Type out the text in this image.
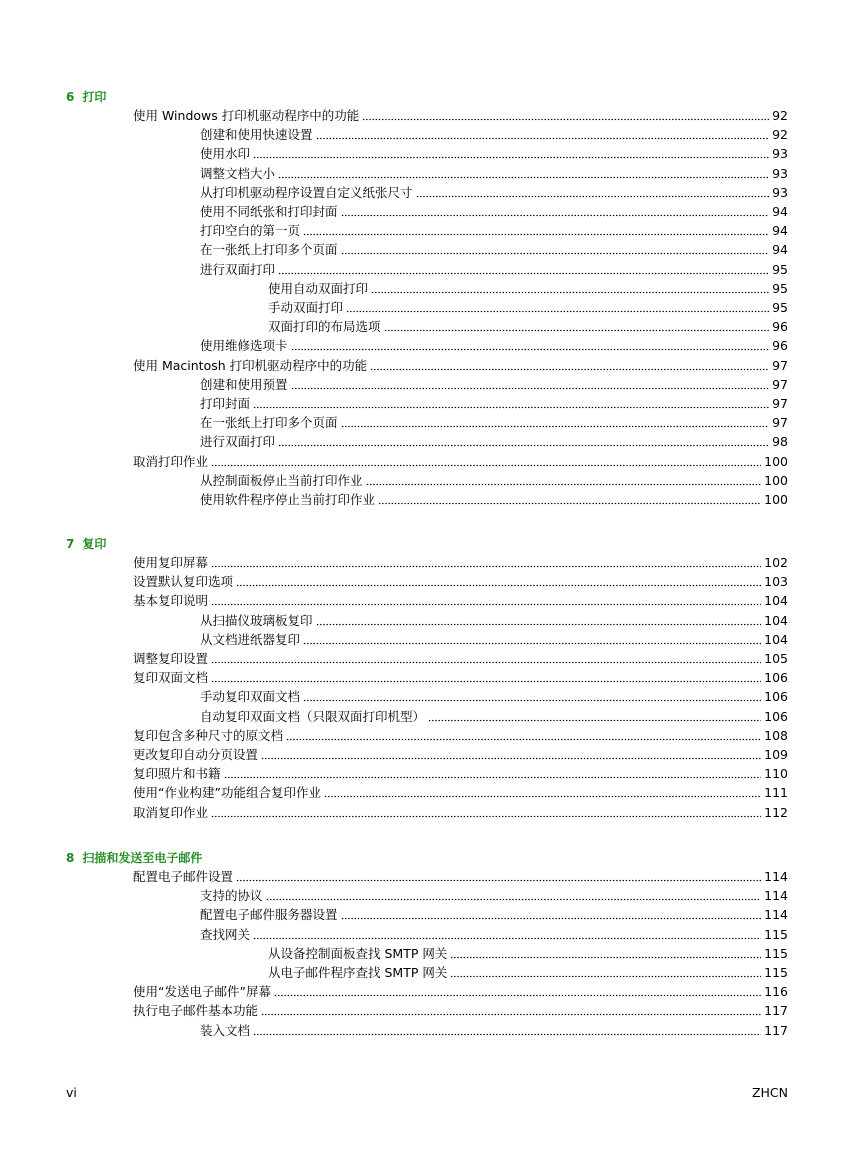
6 打印
使用 Windows 打印机驱动程序中的功能	92
创建和使用快速设置	92
使用水印	93
调整文档大小	93
从打印机驱动程序设置自定义纸张尺寸	93
使用不同纸张和打印封面	94
打印空白的第一页	94
在一张纸上打印多个页面	94
进行双面打印	95
使用自动双面打印	95
手动双面打印	95
双面打印的布局选项	96
使用维修选项卡	96
使用 Macintosh 打印机驱动程序中的功能	97
创建和使用预置	97
打印封面	97
在一张纸上打印多个页面	97
进行双面打印	98
取消打印作业	100
从控制面板停止当前打印作业	100
使用软件程序停止当前打印作业	100
7 复印
使用复印屏幕	102
设置默认复印选项	103
基本复印说明	104
从扫描仪玻璃板复印	104
从文档进纸器复印	104
调整复印设置	105
复印双面文档	106
手动复印双面文档	106
自动复印双面文档（只限双面打印机型）	106
复印包含多种尺寸的原文档	108
更改复印自动分页设置	109
复印照片和书籍	110
使用“作业构建”功能组合复印作业	111
取消复印作业	112
8 扫描和发送至电子邮件
配置电子邮件设置	114
支持的协议	114
配置电子邮件服务器设置	114
查找网关	115
从设备控制面板查找 SMTP 网关	115
从电子邮件程序查找 SMTP 网关	115
使用“发送电子邮件”屏幕	116
执行电子邮件基本功能	117
装入文档	117
vi	ZHCN
